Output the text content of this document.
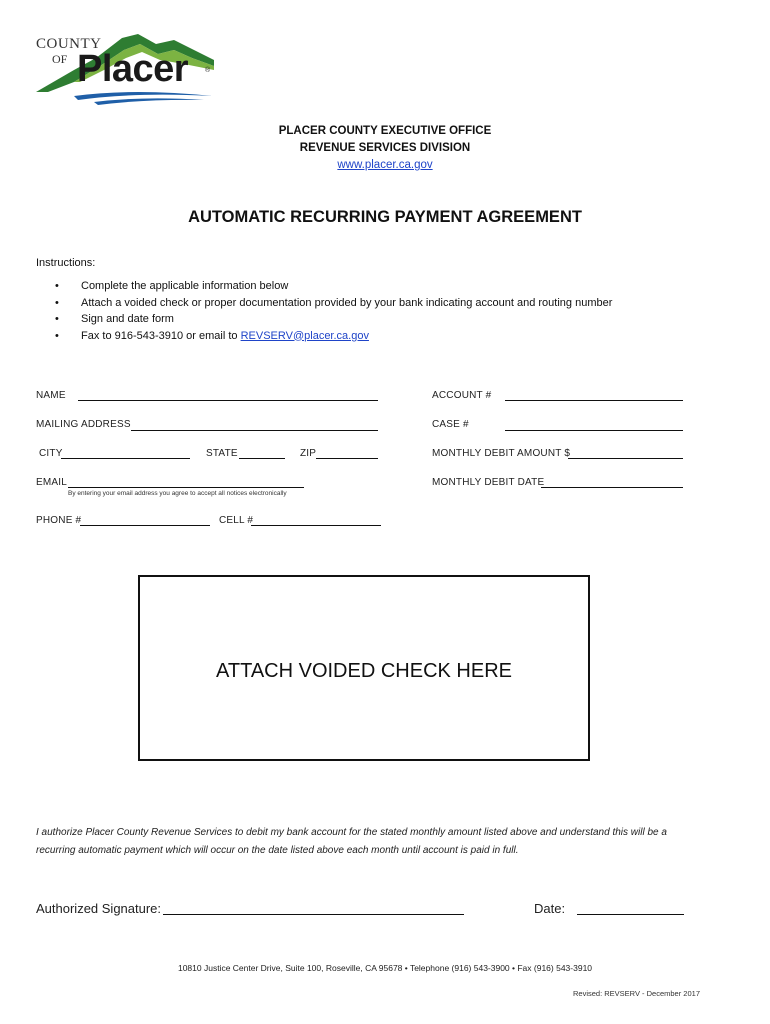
COUNTY
OF Placer ®
PLACER COUNTY EXECUTIVE OFFICE
REVENUE SERVICES DIVISION
www.placer.ca.gov
AUTOMATIC RECURRING PAYMENT AGREEMENT
Instructions:
• Complete the applicable information below
• Attach a voided check or proper documentation provided by your bank indicating account and routing number
• Sign and date form
• Fax to 916-543-3910 or email to REVSERV@placer.ca.gov
NAME
MAILING ADDRESS
CITY	STATE	ZIP
EMAIL
By entering your email address you agree to accept all notices electronically
PHONE #	CELL #
ACCOUNT #
CASE #
MONTHLY DEBIT AMOUNT $
MONTHLY DEBIT DATE
ATTACH VOIDED CHECK HERE
I authorize Placer County Revenue Services to debit my bank account for the stated monthly amount listed above and understand this will be a
recurring automatic payment which will occur on the date listed above each month until account is paid in full.
Authorized Signature:	Date:
10810 Justice Center Drive, Suite 100, Roseville, CA 95678 • Telephone (916) 543-3900 • Fax (916) 543-3910
Revised: REVSERV - December 2017
